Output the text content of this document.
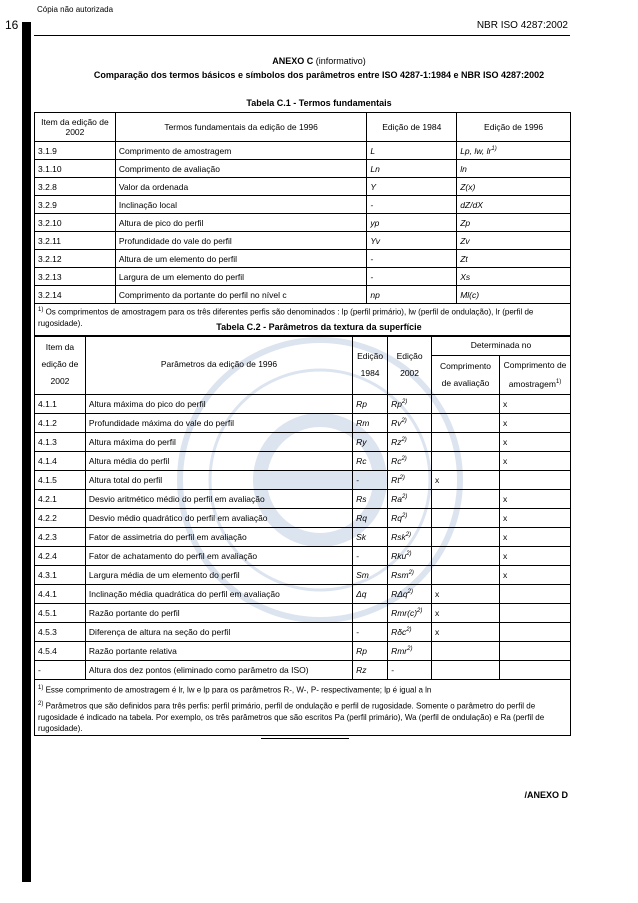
Cópia não autorizada
16	NBR ISO 4287:2002
ANEXO C (informativo)
Comparação dos termos básicos e símbolos dos parâmetros entre ISO 4287-1:1984 e NBR ISO 4287:2002
Tabela C.1 - Termos fundamentais
Item da edição de 2002	Termos fundamentais da edição de 1996	Edição de 1984	Edição de 1996
3.1.9	Comprimento de amostragem	L	Lp, lw, $lr^{1)}$
3.1.10	Comprimento de avaliação	Ln	ln
3.2.8	Valor da ordenada	Y	Z(x)
3.2.9	Inclinação local	-	dZ/dX
3.2.10	Altura de pico do perfil	yp	Zp
3.2.11	Profundidade do vale do perfil	Yv	Zv
3.2.12	Altura de um elemento do perfil	-	Zt
3.2.13	Largura de um elemento do perfil	-	Xs
3.2.14	Comprimento da portante do perfil no nível c	np	Ml(c)
$^{1)}$ Os comprimentos de amostragem para os três diferentes perfis são denominados : lp (perfil primário), lw (perfil de ondulação), lr (perfil de rugosidade).				Tabela C.2 - Parâmetros da textura da superfície
Item da edição de 2002	Parâmetros da edição de 1996	Edição 1984	Edição 2002	Determinada no	
				Comprimento de avaliação	Comprimento de amostragem$^{1)}$
4.1.1	Altura máxima do pico do perfil	Rp	Rp$^{2)}$		x
4.1.2	Profundidade máxima do vale do perfil	Rm	Rv$^{2)}$		x
4.1.3	Altura máxima do perfil	Ry	Rz$^{2)}$		x
4.1.4	Altura média do perfil	Rc	Rc$^{2)}$		x
4.1.5	Altura total do perfil	-	Rt$^{2)}$	x	
4.2.1	Desvio aritmético médio do perfil em avaliação	Rs	Ra$^{2)}$		x
4.2.2	Desvio médio quadrático do perfil em avaliação	Rq	Rq$^{2)}$		x
4.2.3	Fator de assimetria do perfil em avaliação	Sk	Rsk$^{2)}$		x
4.2.4	Fator de achatamento do perfil em avaliação	-	Rku$^{2)}$		x
4.3.1	Largura média de um elemento do perfil	Sm	Rsm$^{2)}$		x
4.4.1	Inclinação média quadrática do perfil em avaliação	Δq	RΔq$^{2)}$	x	
4.5.1	Razão portante do perfil		$Rmr(c)^{2)}$	x	
4.5.3	Diferença de altura na seção do perfil	-	Rδc$^{2)}$	x	
4.5.4	Razão portante relativa	Rp	Rmr$^{2)}$		
-	Altura dos dez pontos (eliminado como parâmetro da ISO)	Rz	-		

$^{1)}$ Esse comprimento de amostragem é lr, lw e lp para os parâmetros R-, W-, P- respectivamente; lp é igual a ln
$^{2)}$ Parâmetros que são definidos para três perfis: perfil primário, perfil de ondulação e perfil de rugosidade. Somente o parâmetro do perfil de rugosidade é indicado na tabela. Por exemplo, os três parâmetros que são escritos Pa (perfil primário), Wa (perfil de ondulação) e Ra (perfil de rugosidade).					
/ANEXO D
